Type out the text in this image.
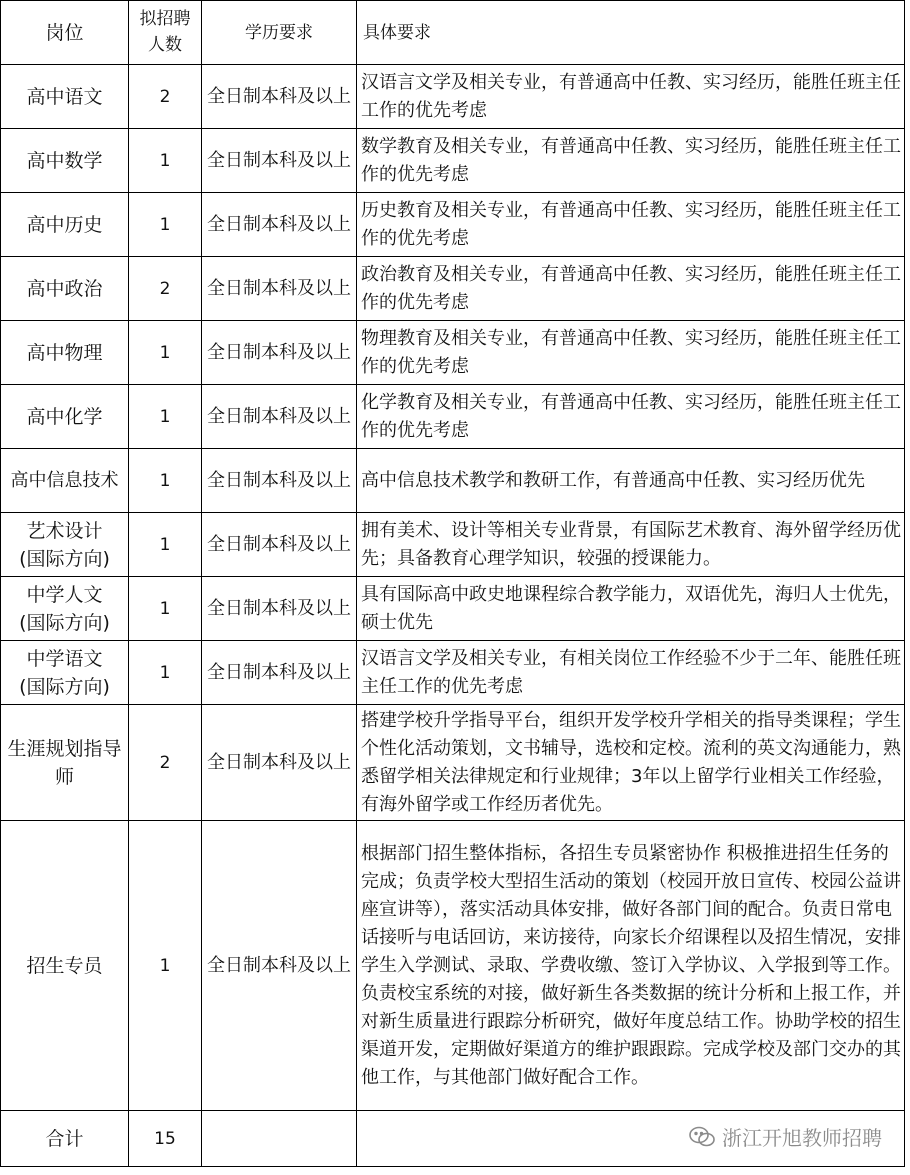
岗位	拟招聘人数	学历要求	具体要求
高中语文	2	全日制本科及以上	汉语言文学及相关专业，有普通高中任教、实习经历，能胜任班主任工作的优先考虑
高中数学	1	全日制本科及以上	数学教育及相关专业，有普通高中任教、实习经历，能胜任班主任工作的优先考虑
高中历史	1	全日制本科及以上	历史教育及相关专业，有普通高中任教、实习经历，能胜任班主任工作的优先考虑
高中政治	2	全日制本科及以上	政治教育及相关专业，有普通高中任教、实习经历，能胜任班主任工作的优先考虑
高中物理	1	全日制本科及以上	物理教育及相关专业，有普通高中任教、实习经历，能胜任班主任工作的优先考虑
高中化学	1	全日制本科及以上	化学教育及相关专业，有普通高中任教、实习经历，能胜任班主任工作的优先考虑
高中信息技术	1	全日制本科及以上	高中信息技术教学和教研工作，有普通高中任教、实习经历优先
艺术设计(国际方向)	1	全日制本科及以上	拥有美术、设计等相关专业背景，有国际艺术教育、海外留学经历优先；具备教育心理学知识，较强的授课能力。
中学人文(国际方向)	1	全日制本科及以上	具有国际高中政史地课程综合教学能力，双语优先，海归人士优先，硕士优先
中学语文(国际方向)	1	全日制本科及以上	汉语言文学及相关专业，有相关岗位工作经验不少于二年、能胜任班主任工作的优先考虑
生涯规划指导师	2	全日制本科及以上	搭建学校升学指导平台，组织开发学校升学相关的指导类课程；学生个性化活动策划，文书辅导，选校和定校。流利的英文沟通能力，熟悉留学相关法律规定和行业规律；3年以上留学行业相关工作经验，有海外留学或工作经历者优先。
招生专员	1	全日制本科及以上	根据部门招生整体指标，各招生专员紧密协作 积极推进招生任务的完成；负责学校大型招生活动的策划（校园开放日宣传、校园公益讲座宣讲等），落实活动具体安排，做好各部门间的配合。负责日常电话接听与电话回访，来访接待，向家长介绍课程以及招生情况，安排学生入学测试、录取、学费收缴、签订入学协议、入学报到等工作。负责校宝系统的对接，做好新生各类数据的统计分析和上报工作，并对新生质量进行跟踪分析研究，做好年度总结工作。协助学校的招生渠道开发，定期做好渠道方的维护跟跟踪。完成学校及部门交办的其他工作，与其他部门做好配合工作。
合计	15			浙江开旭教师招聘
